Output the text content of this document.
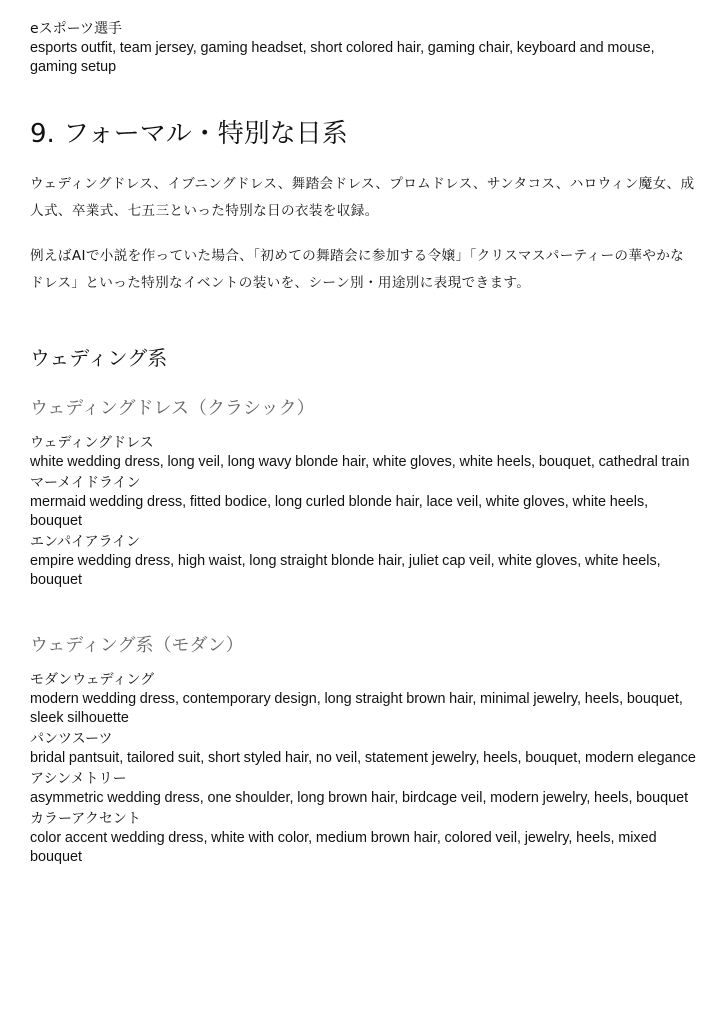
eスポーツ選手

esports outfit, team jersey, gaming headset, short colored hair, gaming chair, keyboard and mouse, gaming setup

9. フォーマル・特別な日系

ウェディングドレス、イブニングドレス、舞踏会ドレス、プロムドレス、サンタコス、ハロウィン魔女、成人式、卒業式、七五三といった特別な日の衣装を収録。

例えばAIで小説を作っていた場合、「初めての舞踏会に参加する令嬢」「クリスマスパーティーの華やかなドレス」といった特別なイベントの装いを、シーン別・用途別に表現できます。

ウェディング系
ウェディングドレス（クラシック）

ウェディングドレス

white wedding dress, long veil, long wavy blonde hair, white gloves, white heels, bouquet, cathedral train

マーメイドライン

mermaid wedding dress, fitted bodice, long curled blonde hair, lace veil, white gloves, white heels, bouquet

エンパイアライン

empire wedding dress, high waist, long straight blonde hair, juliet cap veil, white gloves, white heels, bouquet

ウェディング系（モダン）

モダンウェディング

modern wedding dress, contemporary design, long straight brown hair, minimal jewelry, heels, bouquet, sleek silhouette

パンツスーツ

bridal pantsuit, tailored suit, short styled hair, no veil, statement jewelry, heels, bouquet, modern elegance

アシンメトリー

asymmetric wedding dress, one shoulder, long brown hair, birdcage veil, modern jewelry, heels, bouquet

カラーアクセント

color accent wedding dress, white with color, medium brown hair, colored veil, jewelry, heels, mixed bouquet
